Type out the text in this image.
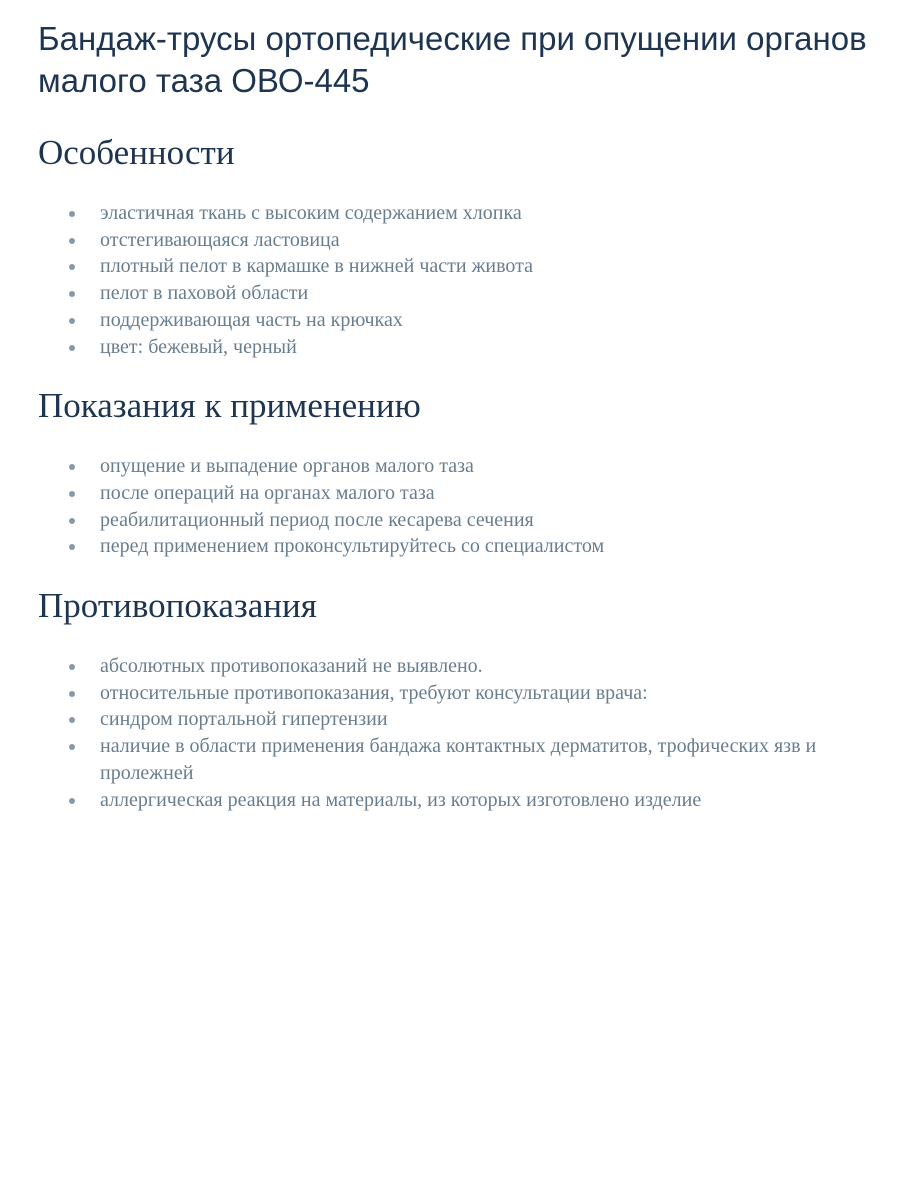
Бандаж-трусы ортопедические при опущении органов малого таза ОВО-445
Особенности
эластичная ткань с высоким содержанием хлопка
отстегивающаяся ластовица
плотный пелот в кармашке в нижней части живота
пелот в паховой области
поддерживающая часть на крючках
цвет: бежевый, черный
Показания к применению
опущение и выпадение органов малого таза
после операций на органах малого таза
реабилитационный период после кесарева сечения
перед применением проконсультируйтесь со специалистом
Противопоказания
абсолютных противопоказаний не выявлено.
относительные противопоказания, требуют консультации врача:
синдром портальной гипертензии
наличие в области применения бандажа контактных дерматитов, трофических язв и пролежней
аллергическая реакция на материалы, из которых изготовлено изделие
